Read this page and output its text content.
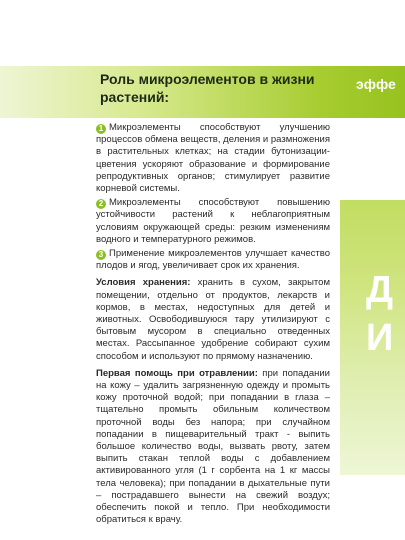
Роль микроэлементов в жизни растений:
эффе
Д
И

1 Микроэлементы способствуют улучшению процессов обмена веществ, деления и размножения в растительных клетках; на стадии бутонизации-цветения ускоряют образование и формирование репродуктивных органов; стимулирует развитие корневой системы.

2 Микроэлементы способствуют повышению устойчивости растений к неблагоприятным условиям окружающей среды: резким изменениям водного и температурного режимов.

3 Применение микроэлементов улучшает качество плодов и ягод, увеличивает срок их хранения.

Условия хранения: хранить в сухом, закрытом помещении, отдельно от продуктов, лекарств и кормов, в местах, недоступных для детей и животных. Освободившуюся тару утилизируют с бытовым мусором в специально отведенных местах. Рассыпанное удобрение собирают сухим способом и используют по прямому назначению.

Первая помощь при отравлении: при попадании на кожу – удалить загрязненную одежду и промыть кожу проточной водой; при попадании в глаза – тщательно промыть обильным количеством проточной воды без напора; при случайном попадании в пищеварительный тракт - выпить большое количество воды, вызвать рвоту, затем выпить стакан теплой воды с добавлением активированного угля (1 г сорбента на 1 кг массы тела человека); при попадании в дыхательные пути – пострадавшего вынести на свежий воздух; обеспечить покой и тепло. При необходимости обратиться к врачу.
